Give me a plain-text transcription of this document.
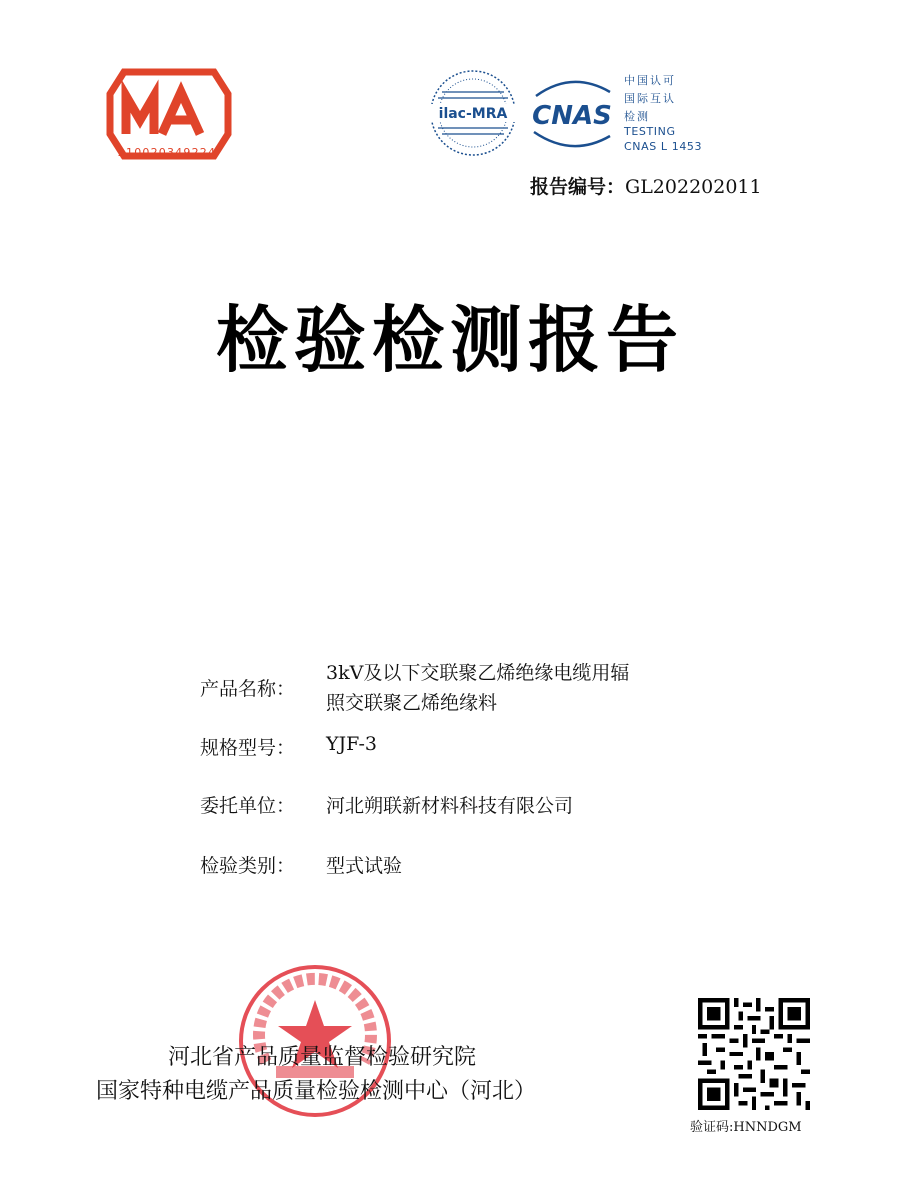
210020349224
ilac-MRA CNAS
中国认可
国际互认
检测
TESTING
CNAS L 1453
报告编号：GL202202011
检验检测报告
产品名称：
3kV及以下交联聚乙烯绝缘电缆用辐
照交联聚乙烯绝缘料
规格型号： YJF-3
委托单位： 河北朔联新材料科技有限公司
检验类别： 型式试验
河北省产品质量监督检验研究院
国家特种电缆产品质量检验检测中心（河北）
验证码:HNNDGM
